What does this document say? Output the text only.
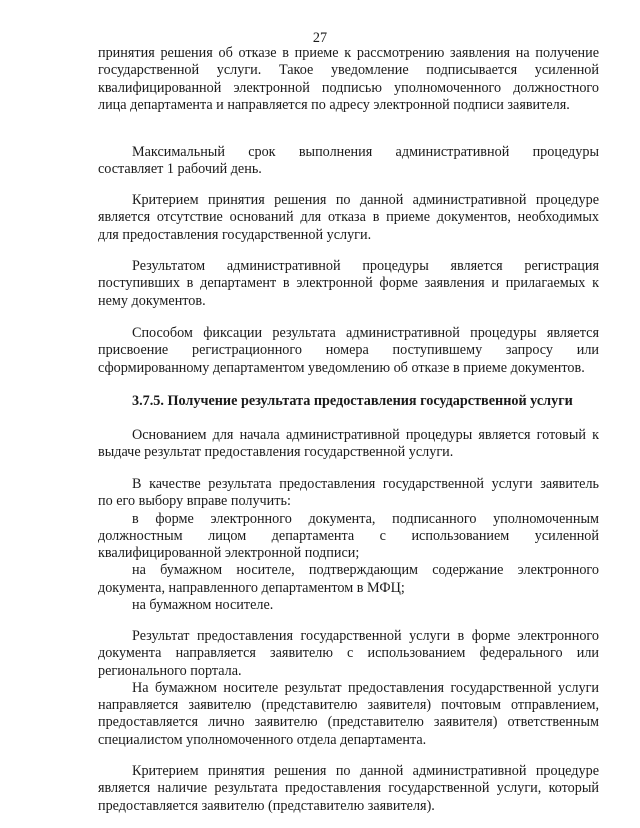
27
принятия решения об отказе в приеме к рассмотрению заявления на получение
государственной услуги. Такое уведомление подписывается усиленной
квалифицированной электронной подписью уполномоченного должностного
лица департамента и направляется по адресу электронной подписи заявителя.
Максимальный срок выполнения административной процедуры
составляет 1 рабочий день.
Критерием принятия решения по данной административной процедуре
является отсутствие оснований для отказа в приеме документов, необходимых
для предоставления государственной услуги.
Результатом административной процедуры является регистрация
поступивших в департамент в электронной форме заявления и прилагаемых к
нему документов.
Способом фиксации результата административной процедуры является
присвоение регистрационного номера поступившему запросу или
сформированному департаментом уведомлению об отказе в приеме документов.
3.7.5. Получение результата предоставления государственной услуги
Основанием для начала административной процедуры является готовый к
выдаче результат предоставления государственной услуги.
В качестве результата предоставления государственной услуги заявитель
по его выбору вправе получить:
в форме электронного документа, подписанного уполномоченным
должностным лицом департамента с использованием усиленной
квалифицированной электронной подписи;
на бумажном носителе, подтверждающим содержание электронного
документа, направленного департаментом в МФЦ;
на бумажном носителе.
Результат предоставления государственной услуги в форме электронного
документа направляется заявителю с использованием федерального или
регионального портала.
На бумажном носителе результат предоставления государственной услуги
направляется заявителю (представителю заявителя) почтовым отправлением,
предоставляется лично заявителю (представителю заявителя) ответственным
специалистом уполномоченного отдела департамента.
Критерием принятия решения по данной административной процедуре
является наличие результата предоставления государственной услуги, который
предоставляется заявителю (представителю заявителя).
